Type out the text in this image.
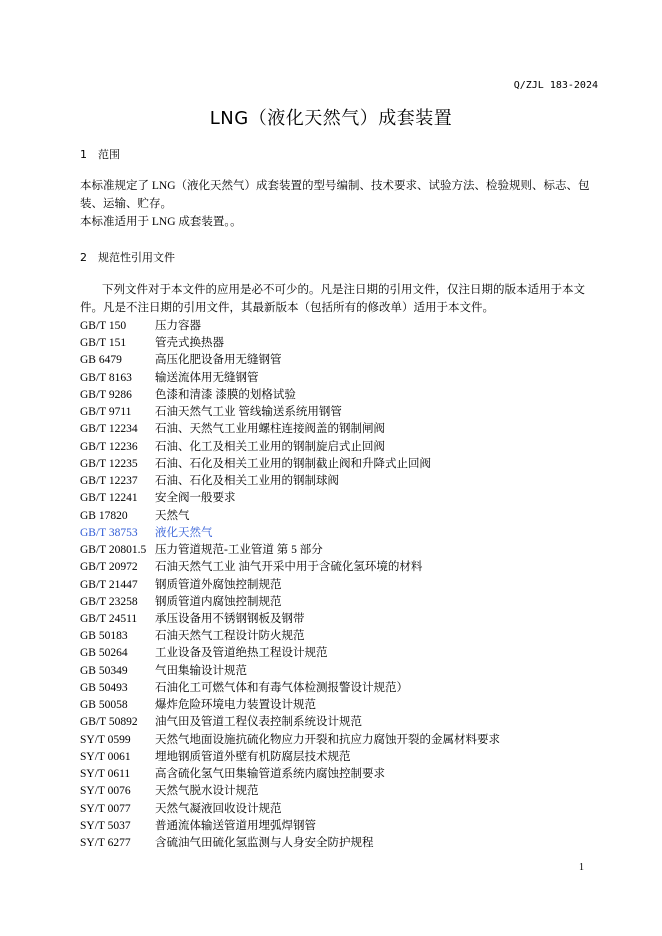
Q/ZJL 183-2024
LNG（液化天然气）成套装置
1 范围
本标准规定了 LNG（液化天然气）成套装置的型号编制、技术要求、试验方法、检验规则、标志、包装、运输、贮存。
本标准适用于 LNG 成套装置。。
2 规范性引用文件
下列文件对于本文件的应用是必不可少的。凡是注日期的引用文件，仅注日期的版本适用于本文件。凡是不注日期的引用文件，其最新版本（包括所有的修改单）适用于本文件。
GB/T 150	压力容器
GB/T 151	管壳式换热器
GB 6479	高压化肥设备用无缝钢管
GB/T 8163 输送流体用无缝钢管
GB/T 9286 色漆和清漆 漆膜的划格试验
GB/T 9711 石油天然气工业 管线输送系统用钢管
GB/T 12234 石油、天然气工业用螺柱连接阀盖的钢制闸阀
GB/T 12236 石油、化工及相关工业用的钢制旋启式止回阀
GB/T 12235 石油、石化及相关工业用的钢制截止阀和升降式止回阀
GB/T 12237 石油、石化及相关工业用的钢制球阀
GB/T 12241 安全阀一般要求
GB 17820 天然气
GB/T 38753 液化天然气
GB/T 20801.5 压力管道规范-工业管道 第 5 部分
GB/T 20972 石油天然气工业 油气开采中用于含硫化氢环境的材料
GB/T 21447 钢质管道外腐蚀控制规范
GB/T 23258 钢质管道内腐蚀控制规范
GB/T 24511 承压设备用不锈钢钢板及钢带
GB 50183 石油天然气工程设计防火规范
GB 50264 工业设备及管道绝热工程设计规范
GB 50349 气田集输设计规范
GB 50493 石油化工可燃气体和有毒气体检测报警设计规范）
GB 50058 爆炸危险环境电力装置设计规范
GB/T 50892 油气田及管道工程仪表控制系统设计规范
SY/T 0599 天然气地面设施抗硫化物应力开裂和抗应力腐蚀开裂的金属材料要求
SY/T 0061 埋地钢质管道外壁有机防腐层技术规范
SY/T 0611 高含硫化氢气田集输管道系统内腐蚀控制要求
SY/T 0076 天然气脱水设计规范
SY/T 0077 天然气凝液回收设计规范
SY/T 5037 普通流体输送管道用埋弧焊钢管
SY/T 6277 含硫油气田硫化氢监测与人身安全防护规程
1
